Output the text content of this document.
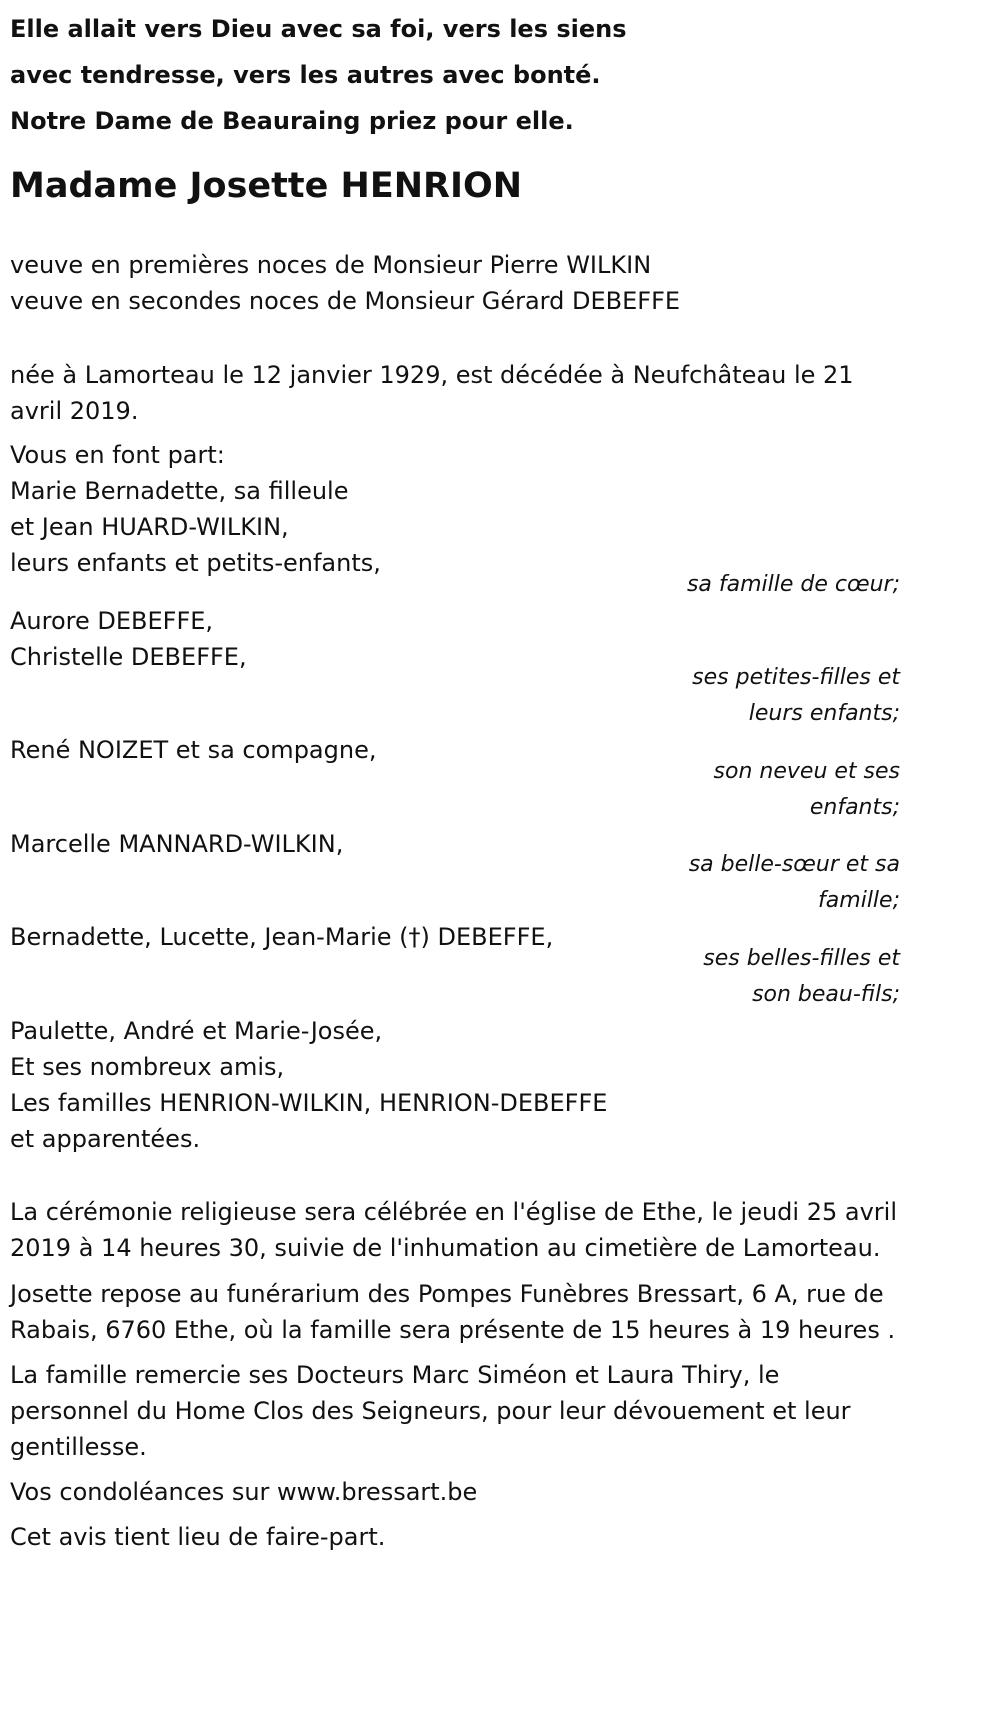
Elle allait vers Dieu avec sa foi, vers les siens
avec tendresse, vers les autres avec bonté.
Notre Dame de Beauraing priez pour elle.
Madame Josette HENRION
veuve en premières noces de Monsieur Pierre WILKIN
veuve en secondes noces de Monsieur Gérard DEBEFFE

née à Lamorteau le 12 janvier 1929, est décédée à Neufchâteau le 21 avril 2019.

Vous en font part:
Marie Bernadette, sa filleule
et Jean HUARD-WILKIN,
leurs enfants et petits-enfants,
sa famille de cœur;
Aurore DEBEFFE,
Christelle DEBEFFE,
ses petites-filles et
leurs enfants;
René NOIZET et sa compagne,
son neveu et ses
enfants;
Marcelle MANNARD-WILKIN,
sa belle-sœur et sa
famille;
Bernadette, Lucette, Jean-Marie (†) DEBEFFE,
ses belles-filles et
son beau-fils;
Paulette, André et Marie-Josée,
Et ses nombreux amis,
Les familles HENRION-WILKIN, HENRION-DEBEFFE
et apparentées.

La cérémonie religieuse sera célébrée en l'église de Ethe, le jeudi 25 avril 2019 à 14 heures 30, suivie de l'inhumation au cimetière de Lamorteau.

Josette repose au funérarium des Pompes Funèbres Bressart, 6 A, rue de Rabais, 6760 Ethe, où la famille sera présente de 15 heures à 19 heures .

La famille remercie ses Docteurs Marc Siméon et Laura Thiry, le personnel du Home Clos des Seigneurs, pour leur dévouement et leur gentillesse.

Vos condoléances sur www.bressart.be
Cet avis tient lieu de faire-part.
